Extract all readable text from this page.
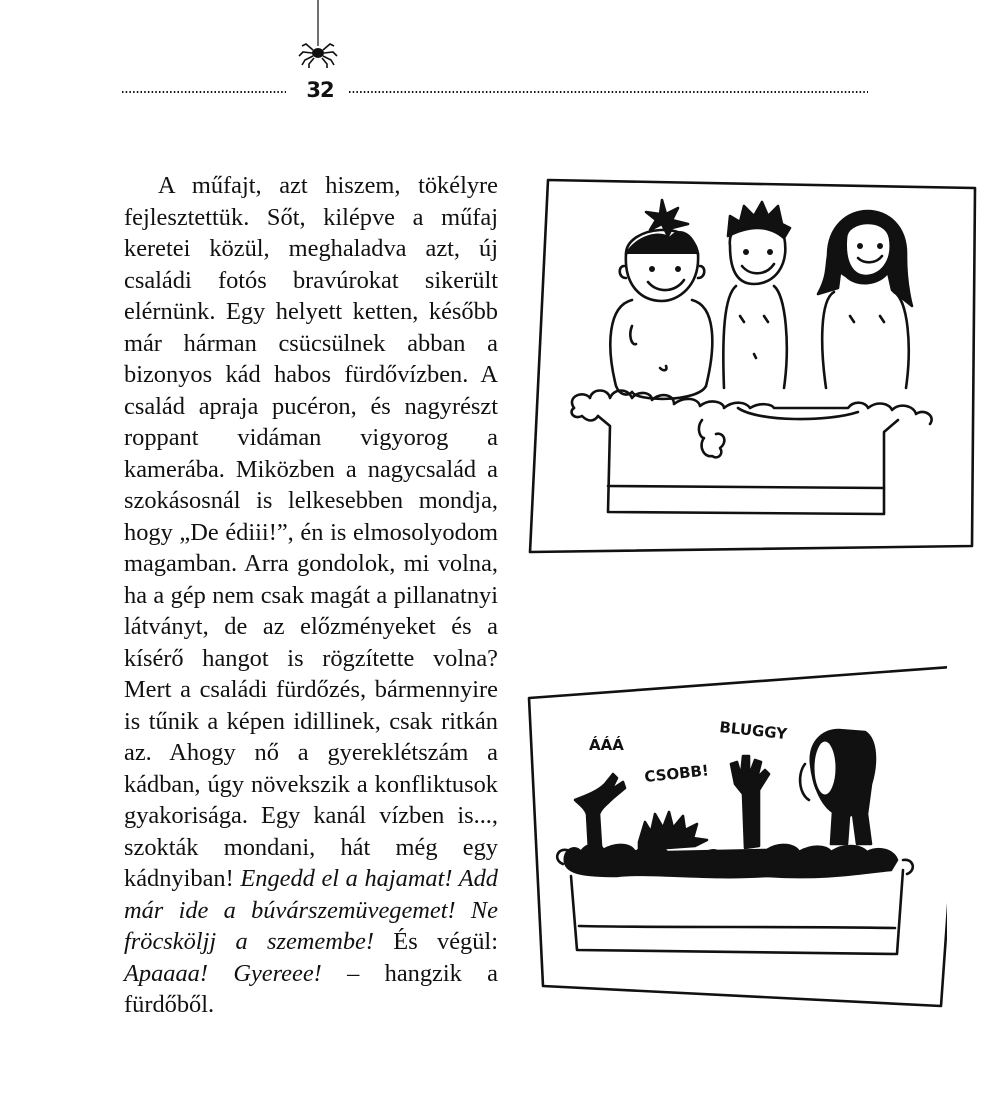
32

A műfajt, azt hiszem, tökélyre fejlesztettük. Sőt, kilépve a műfaj keretei közül, meghaladva azt, új családi fotós bravúrokat sikerült elérnünk. Egy helyett ketten, később már hárman csücsülnek abban a bizonyos kád habos fürdővízben. A család apraja pucéron, és nagyrészt roppant vidáman vigyorog a kamerába. Miközben a nagycsalád a szokásosnál is lelkesebben mondja, hogy „De édiii!”, én is elmosolyodom magamban. Arra gondolok, mi volna, ha a gép nem csak magát a pillanatnyi látványt, de az előzményeket és a kísérő hangot is rögzítette volna? Mert a családi fürdőzés, bármennyire is tűnik a képen idillinek, csak ritkán az. Ahogy nő a gyereklétszám a kádban, úgy növekszik a konfliktusok gyakorisága. Egy kanál vízben is..., szokták mondani, hát még egy kádnyiban! Engedd el a hajamat! Add már ide a búvárszemüvegemet! Ne fröcsköljj a szemembe! És végül: Apaaaa! Gyereee! – hangzik a fürdőből.

ÁÁÁ
CSOBB!
BLUGGY
